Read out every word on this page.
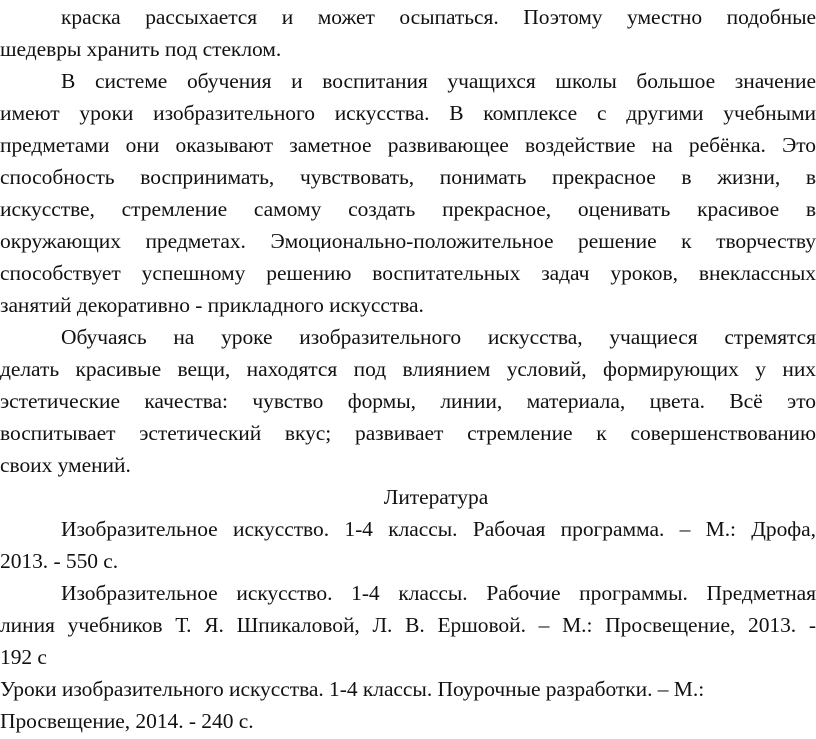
краска рассыхается и может осыпаться. Поэтому уместно подобные
шедевры хранить под стеклом.
В системе обучения и воспитания учащихся школы большое значение
имеют уроки изобразительного искусства. В комплексе с другими учебными
предметами они оказывают заметное развивающее воздействие на ребёнка. Это
способность воспринимать, чувствовать, понимать прекрасное в жизни, в
искусстве, стремление самому создать прекрасное, оценивать красивое в
окружающих предметах. Эмоционально-положительное решение к творчеству
способствует успешному решению воспитательных задач уроков, внеклассных
занятий декоративно - прикладного искусства.
Обучаясь на уроке изобразительного искусства, учащиеся стремятся
делать красивые вещи, находятся под влиянием условий, формирующих у них
эстетические качества: чувство формы, линии, материала, цвета. Всё это
воспитывает эстетический вкус; развивает стремление к совершенствованию
своих умений.
Литература
Изобразительное искусство. 1-4 классы. Рабочая программа. – М.: Дрофа,
2013. - 550 с.
Изобразительное искусство. 1-4 классы. Рабочие программы. Предметная
линия учебников Т. Я. Шпикаловой, Л. В. Ершовой. – М.: Просвещение, 2013. -
192 с
Уроки изобразительного искусства. 1-4 классы. Поурочные разработки. – М.:
Просвещение, 2014. - 240 с.
